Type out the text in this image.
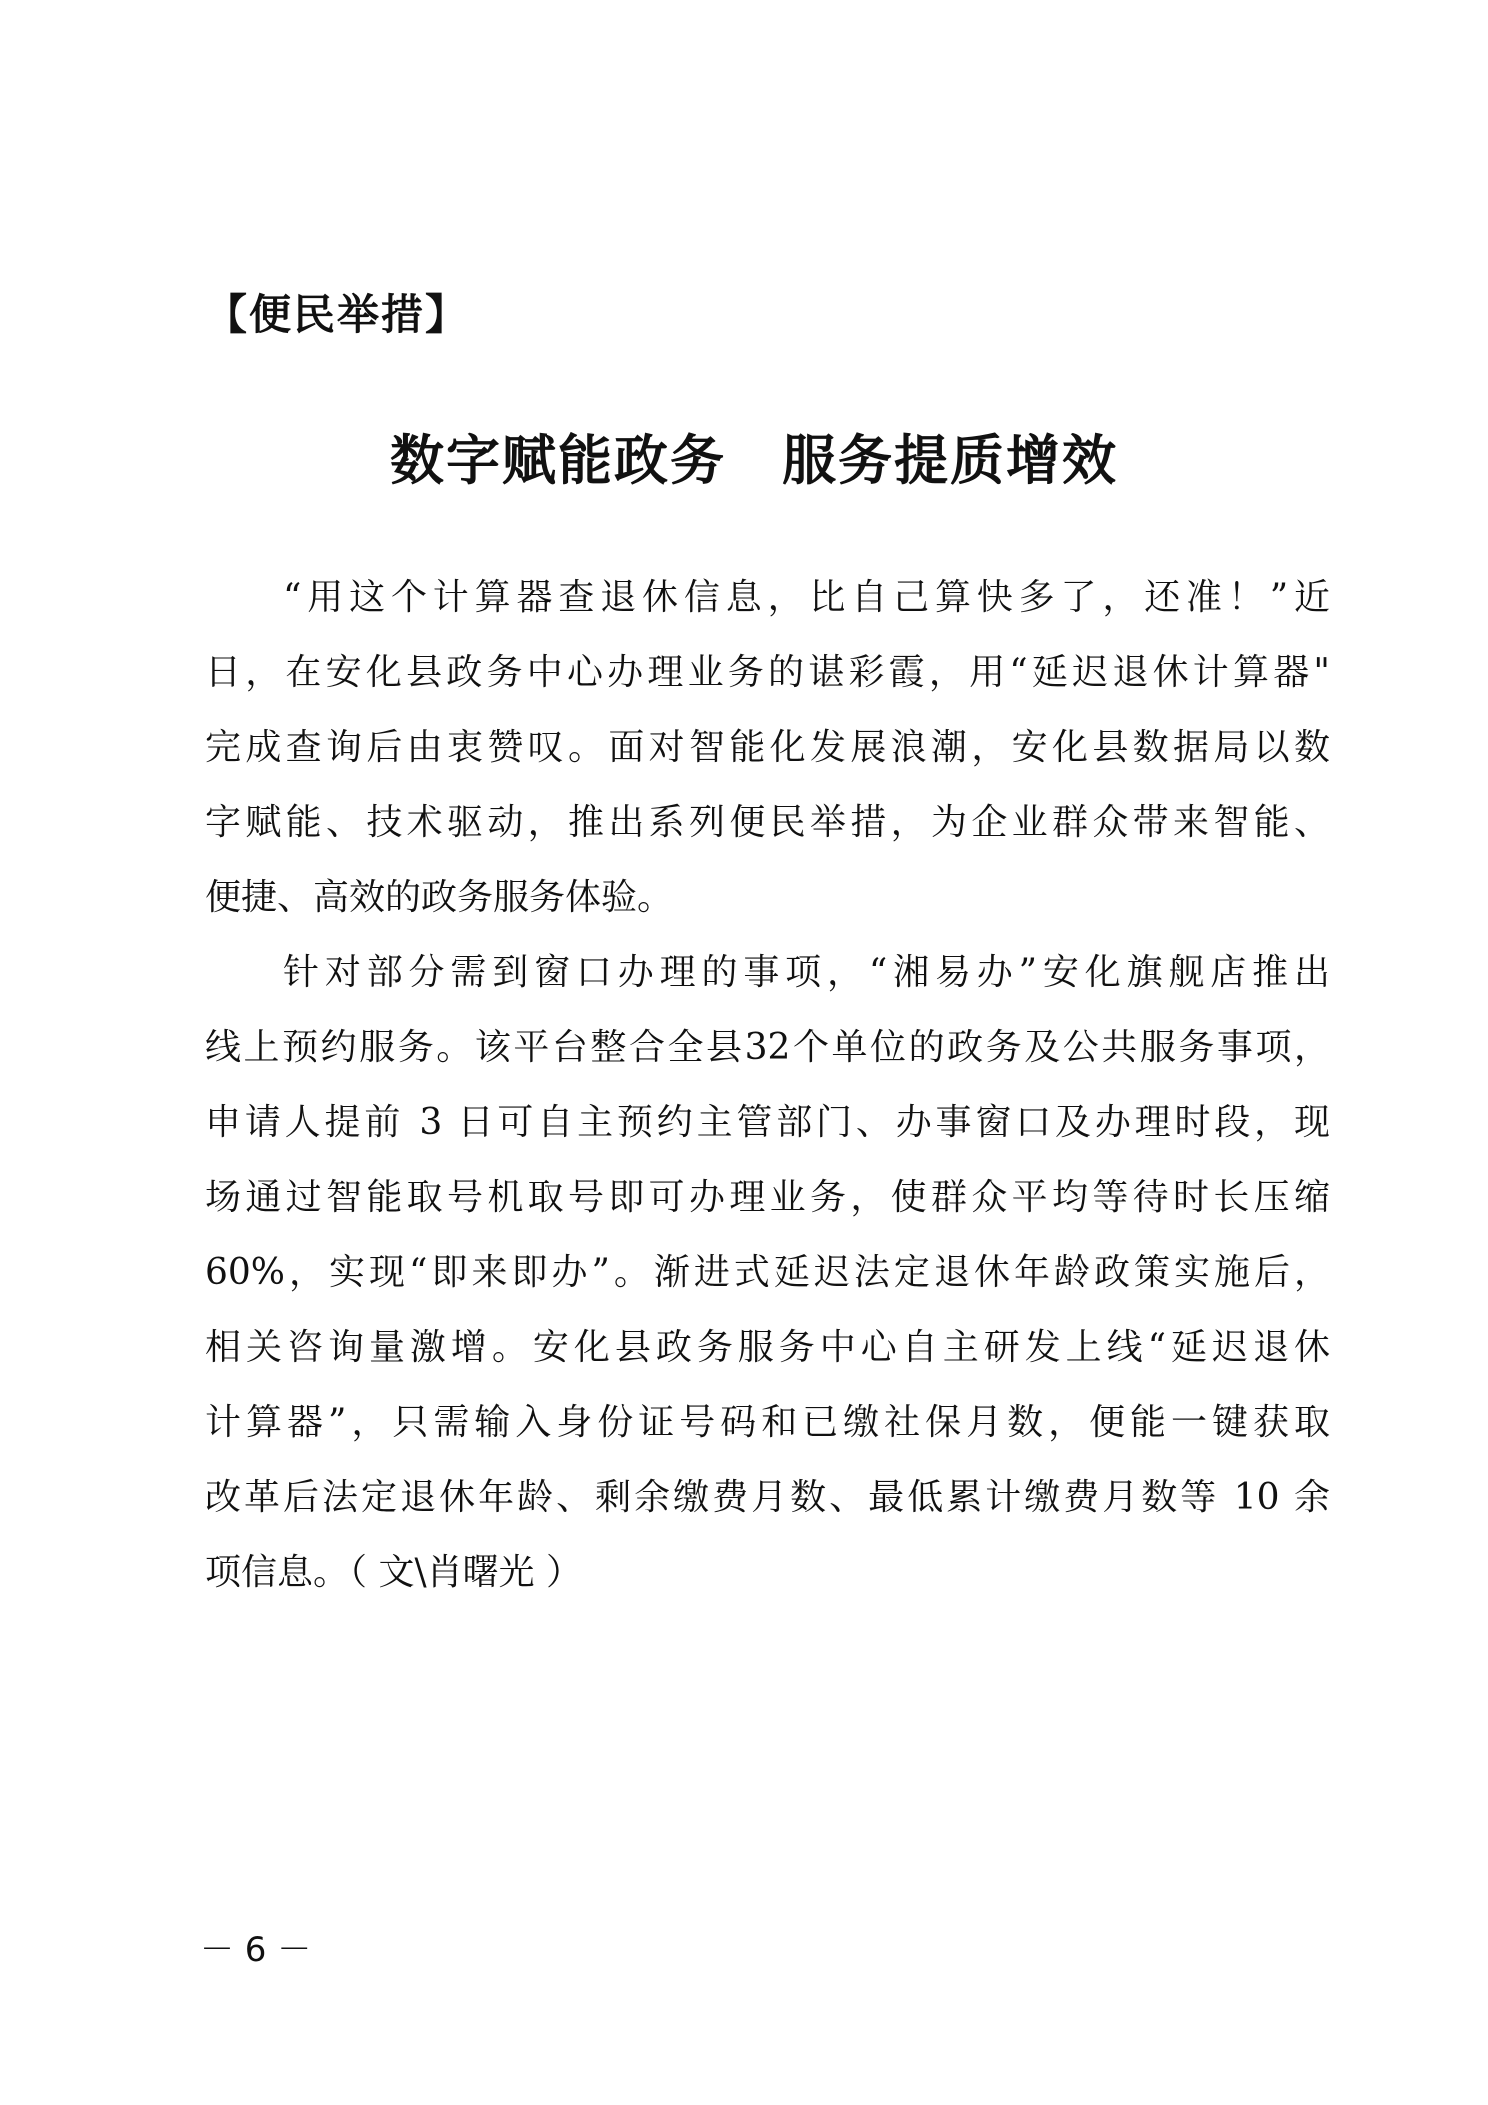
【便民举措】
数字赋能政务　服务提质增效
“用这个计算器查退休信息，比自己算快多了，还准！”近
日，在安化县政务中心办理业务的谌彩霞，用“延迟退休计算器"
完成查询后由衷赞叹。面对智能化发展浪潮，安化县数据局以数
字赋能、技术驱动，推出系列便民举措，为企业群众带来智能、
便捷、高效的政务服务体验。
针对部分需到窗口办理的事项，“湘易办”安化旗舰店推出
线上预约服务。该平台整合全县32个单位的政务及公共服务事项，
申请人提前 3 日可自主预约主管部门、办事窗口及办理时段，现
场通过智能取号机取号即可办理业务，使群众平均等待时长压缩
60%，实现“即来即办”。渐进式延迟法定退休年龄政策实施后，
相关咨询量激增。安化县政务服务中心自主研发上线“延迟退休
计算器”，只需输入身份证号码和已缴社保月数，便能一键获取
改革后法定退休年龄、剩余缴费月数、最低累计缴费月数等 10 余
项信息。（ 文\肖曙光 ）
－ 6 －
